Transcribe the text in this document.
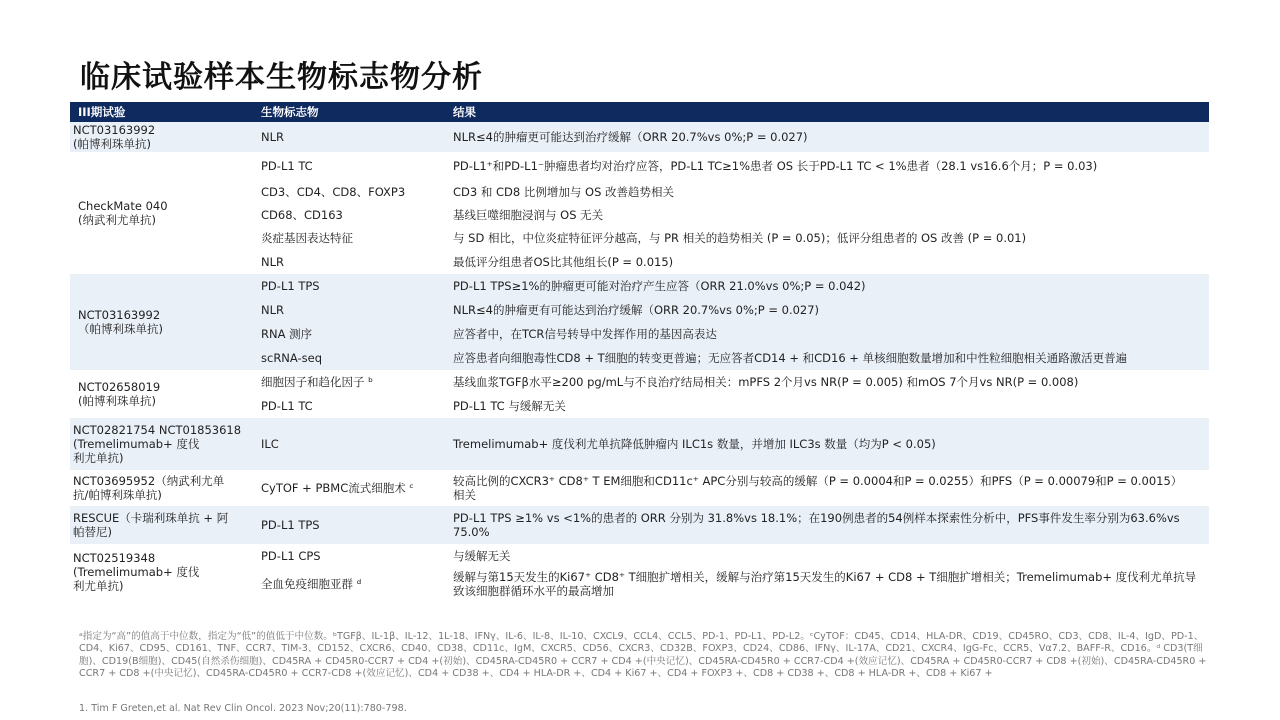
临床试验样本生物标志物分析
III期试验	生物标志物	结果
NCT03163992
(帕博利珠单抗)	NLR	NLR≤4的肿瘤更可能达到治疗缓解（ORR 20.7%vs 0%;P = 0.027)
CheckMate 040
(纳武利尤单抗)	PD-L1 TC	PD-L1⁺和PD-L1⁻肿瘤患者均对治疗应答，PD-L1 TC≥1%患者 OS 长于PD-L1 TC < 1%患者（28.1 vs16.6个月；P = 0.03)
	CD3、CD4、CD8、FOXP3	CD3 和 CD8 比例增加与 OS 改善趋势相关
	CD68、CD163	基线巨噬细胞浸润与 OS 无关
	炎症基因表达特征	与 SD 相比，中位炎症特征评分越高，与 PR 相关的趋势相关 (P = 0.05)；低评分组患者的 OS 改善 (P = 0.01)
	NLR	最低评分组患者OS比其他组长(P = 0.015)
NCT03163992
（帕博利珠单抗)	PD-L1 TPS	PD-L1 TPS≥1%的肿瘤更可能对治疗产生应答（ORR 21.0%vs 0%;P = 0.042)
	NLR	NLR≤4的肿瘤更有可能达到治疗缓解（ORR 20.7%vs 0%;P = 0.027)
	RNA 测序	应答者中，在TCR信号转导中发挥作用的基因高表达
	scRNA-seq	应答患者向细胞毒性CD8 + T细胞的转变更普遍；无应答者CD14 + 和CD16 + 单核细胞数量增加和中性粒细胞相关通路激活更普遍
NCT02658019
(帕博利珠单抗)	细胞因子和趋化因子 ᵇ	基线血浆TGFβ水平≥200 pg/mL与不良治疗结局相关：mPFS 2个月vs NR(P = 0.005) 和mOS 7个月vs NR(P = 0.008)
	PD-L1 TC	PD-L1 TC 与缓解无关
NCT02821754 NCT01853618
(Tremelimumab+ 度伐
利尤单抗)	ILC	Tremelimumab+ 度伐利尤单抗降低肿瘤内 ILC1s 数量，并增加 ILC3s 数量（均为P < 0.05)
NCT03695952（纳武利尤单
抗/帕博利珠单抗)	CyTOF + PBMC流式细胞术 ᶜ	较高比例的CXCR3⁺ CD8⁺ T EM细胞和CD11c⁺ APC分别与较高的缓解（P = 0.0004和P = 0.0255）和PFS（P = 0.00079和P = 0.0015）
相关
RESCUE（卡瑞利珠单抗 + 阿
帕替尼)	PD-L1 TPS	PD-L1 TPS ≥1% vs <1%的患者的 ORR 分别为 31.8%vs 18.1%；在190例患者的54例样本探索性分析中，PFS事件发生率分别为63.6%vs
75.0%
NCT02519348
(Tremelimumab+ 度伐
利尤单抗)	PD-L1 CPS	与缓解无关
	全血免疫细胞亚群 ᵈ	缓解与第15天发生的Ki67⁺ CD8⁺ T细胞扩增相关，缓解与治疗第15天发生的Ki67 + CD8 + T细胞扩增相关；Tremelimumab+ 度伐利尤单抗导
致该细胞群循环水平的最高增加
ᵃ指定为“高”的值高于中位数，指定为“低”的值低于中位数。ᵇTGFβ、IL-1β、IL-12、1L-18、IFNγ、IL-6、IL-8、IL-10、CXCL9、CCL4、CCL5、PD-1、PD-L1、PD-L2。ᶜCyTOF：CD45、CD14、HLA-DR、CD19、CD45RO、CD3、CD8、IL-4、IgD、PD-1、CD4、Ki67、CD95、CD161、TNF、CCR7、TIM-3、CD152、CXCR6、CD40、CD38、CD11c、IgM、CXCR5、CD56、CXCR3、CD32B、FOXP3、CD24、CD86、IFNγ、IL-17A、CD21、CXCR4、IgG-Fc、CCR5、Vα7.2、BAFF-R、CD16。ᵈ CD3(T细胞)、CD19(B细胞)、CD45(自然杀伤细胞)、CD45RA + CD45R0-CCR7 + CD4 +(初始)、CD45RA-CD45R0 + CCR7 + CD4 +(中央记忆)、CD45RA-CD45R0 + CCR7-CD4 +(效应记忆)、CD45RA + CD45R0-CCR7 + CD8 +(初始)、CD45RA-CD45R0 + CCR7 + CD8 +(中央记忆)、CD45RA-CD45R0 + CCR7-CD8 +(效应记忆)、CD4 + CD38 +、CD4 + HLA-DR +、CD4 + Ki67 +、CD4 + FOXP3 +、CD8 + CD38 +、CD8 + HLA-DR +、CD8 + Ki67 +
1. Tim F Greten,et al. Nat Rev Clin Oncol. 2023 Nov;20(11):780-798.
